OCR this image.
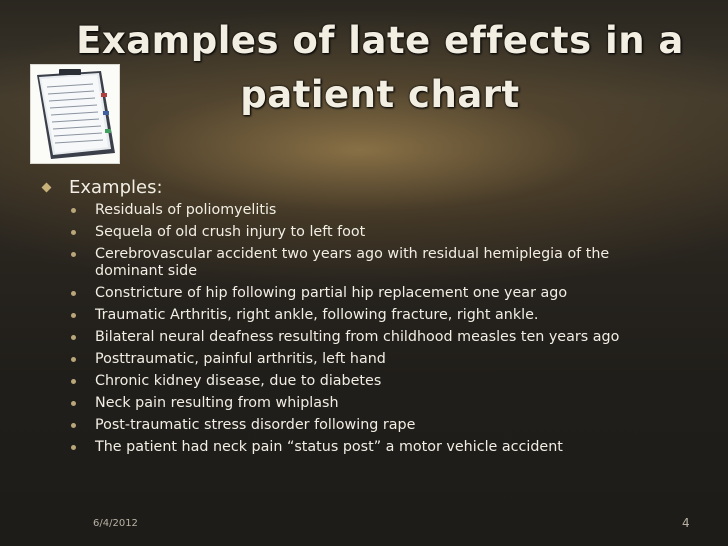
Examples of late effects in a
patient chart
Examples:
Residuals of poliomyelitis
Sequela of old crush injury to left foot
Cerebrovascular accident two years ago with residual hemiplegia of the dominant side
Constricture of hip following partial hip replacement one year ago
Traumatic Arthritis, right ankle, following fracture, right ankle.
Bilateral neural deafness resulting from childhood measles ten years ago
Posttraumatic, painful arthritis, left hand
Chronic kidney disease, due to diabetes
Neck pain resulting from whiplash
Post-traumatic stress disorder following rape
The patient had neck pain “status post” a motor vehicle accident
6/4/2012	4
